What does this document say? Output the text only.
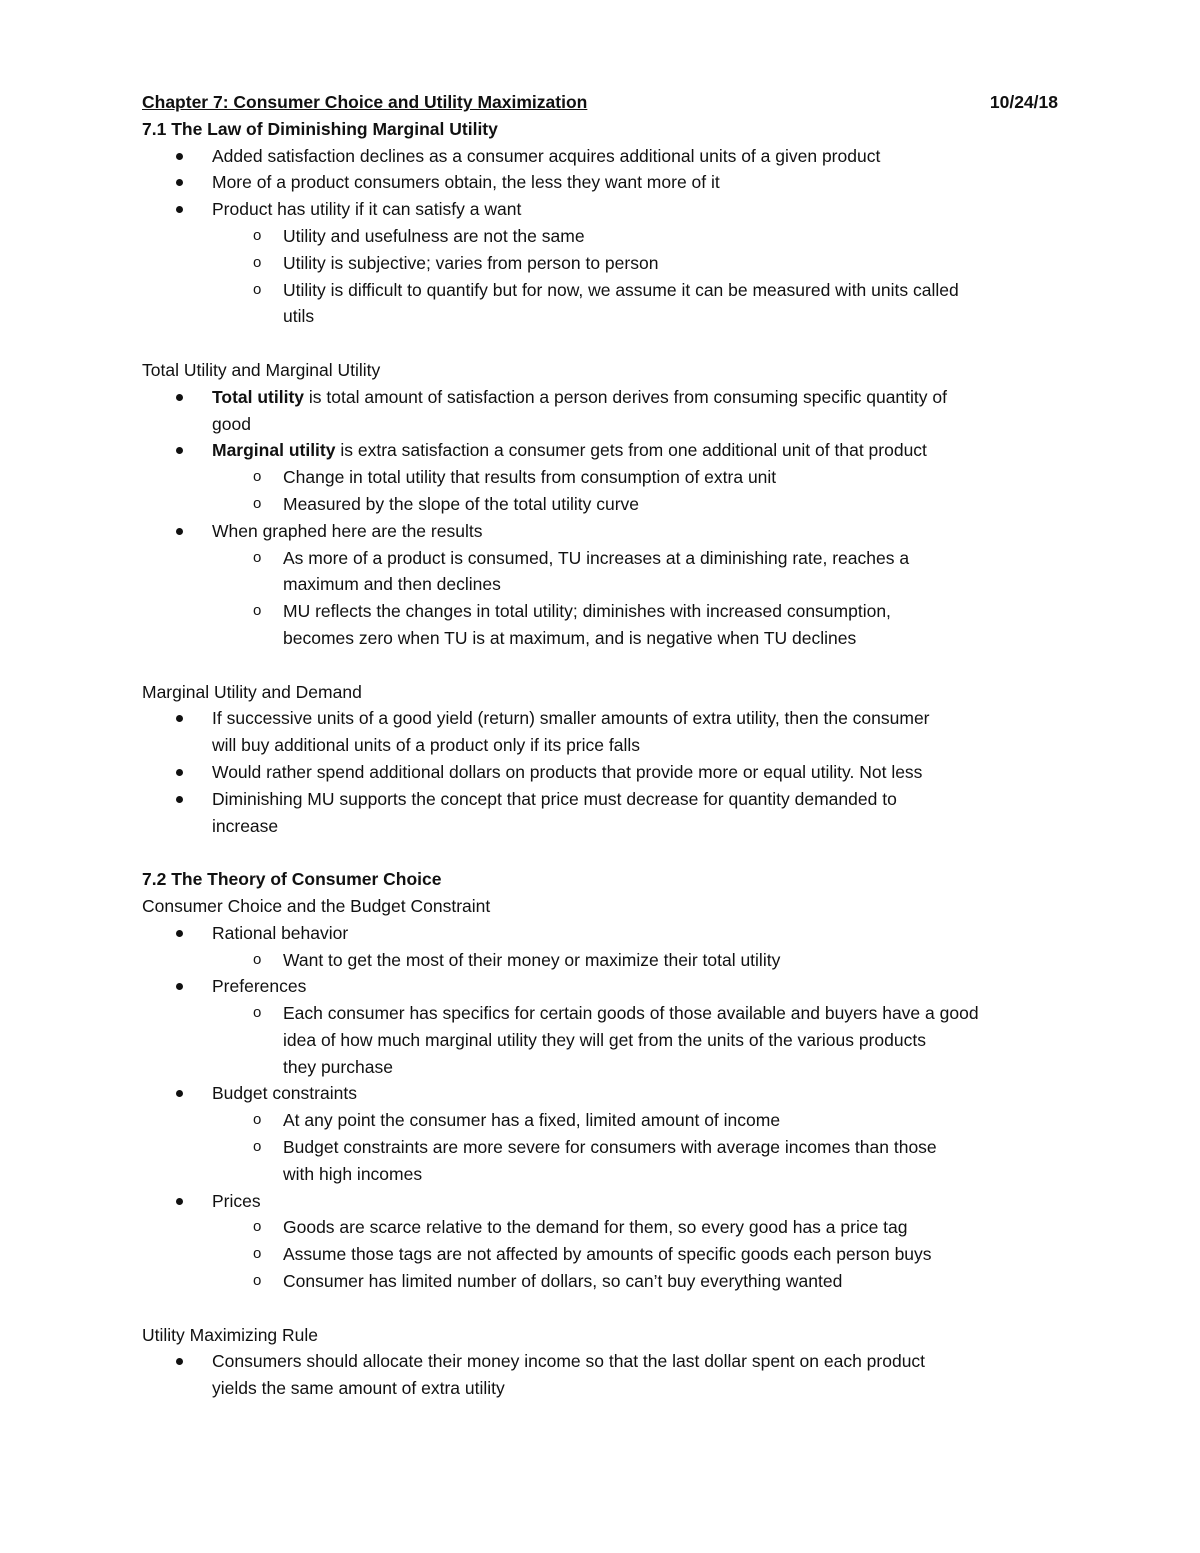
Chapter 7: Consumer Choice and Utility Maximization	10/24/18
7.1 The Law of Diminishing Marginal Utility
Added satisfaction declines as a consumer acquires additional units of a given product
More of a product consumers obtain, the less they want more of it
Product has utility if it can satisfy a want
o Utility and usefulness are not the same
o Utility is subjective; varies from person to person
o Utility is difficult to quantify but for now, we assume it can be measured with units called
utils
Total Utility and Marginal Utility
Total utility is total amount of satisfaction a person derives from consuming specific quantity of
good
Marginal utility is extra satisfaction a consumer gets from one additional unit of that product
o Change in total utility that results from consumption of extra unit
o Measured by the slope of the total utility curve
When graphed here are the results
o As more of a product is consumed, TU increases at a diminishing rate, reaches a
maximum and then declines
o MU reflects the changes in total utility; diminishes with increased consumption,
becomes zero when TU is at maximum, and is negative when TU declines
Marginal Utility and Demand
If successive units of a good yield (return) smaller amounts of extra utility, then the consumer
will buy additional units of a product only if its price falls
Would rather spend additional dollars on products that provide more or equal utility. Not less
Diminishing MU supports the concept that price must decrease for quantity demanded to
increase
7.2 The Theory of Consumer Choice
Consumer Choice and the Budget Constraint
Rational behavior
o Want to get the most of their money or maximize their total utility
Preferences
o Each consumer has specifics for certain goods of those available and buyers have a good
idea of how much marginal utility they will get from the units of the various products
they purchase
Budget constraints
o At any point the consumer has a fixed, limited amount of income
o Budget constraints are more severe for consumers with average incomes than those
with high incomes
Prices
o Goods are scarce relative to the demand for them, so every good has a price tag
o Assume those tags are not affected by amounts of specific goods each person buys
o Consumer has limited number of dollars, so can’t buy everything wanted
Utility Maximizing Rule
Consumers should allocate their money income so that the last dollar spent on each product
yields the same amount of extra utility
